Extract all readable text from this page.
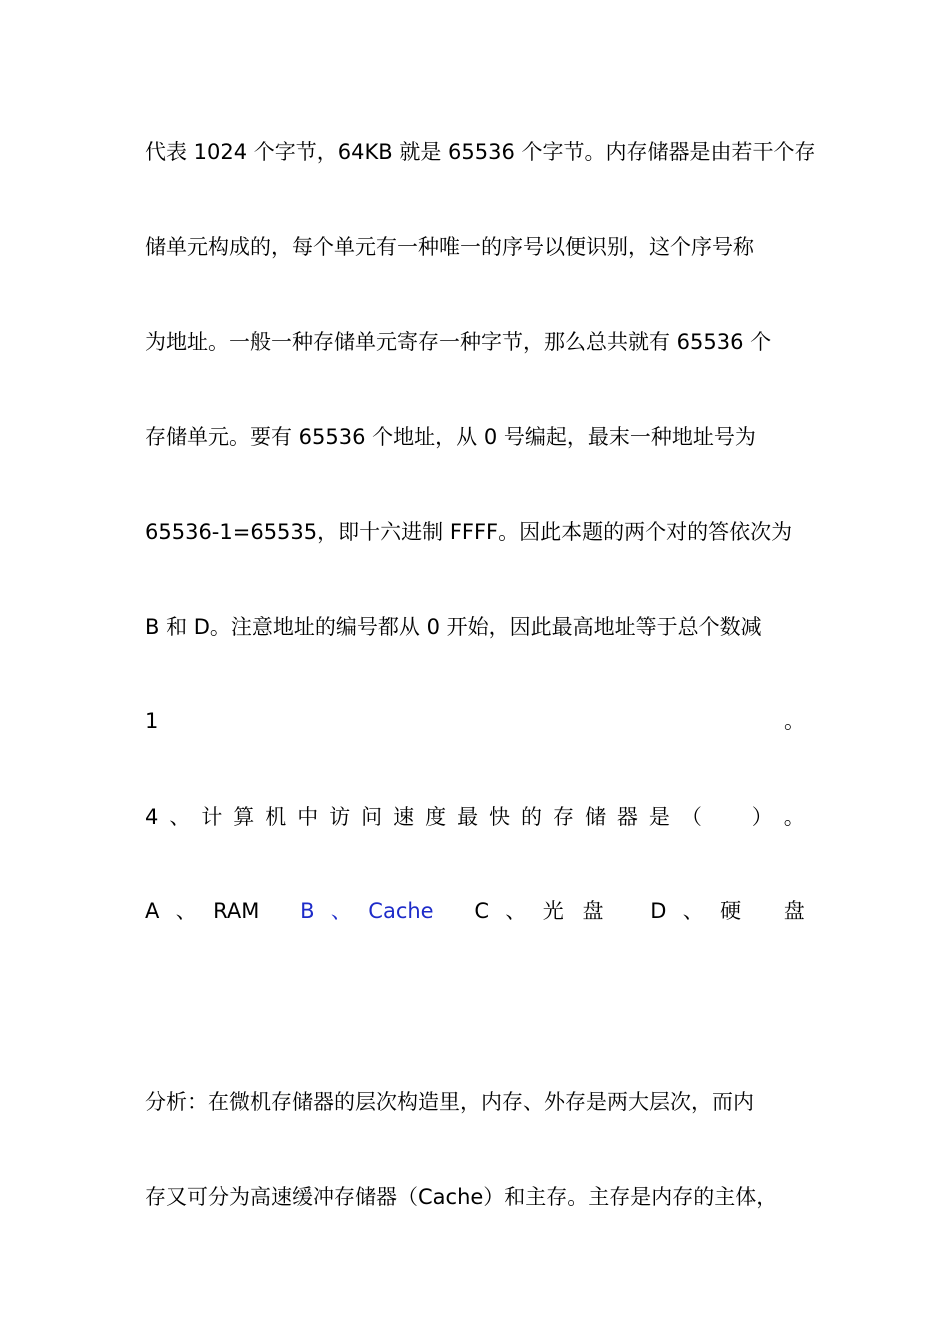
代表 1024 个字节，64KB 就是 65536 个字节。内存储器是由若干个存
储单元构成的，每个单元有一种唯一的序号以便识别，这个序号称
为地址。一般一种存储单元寄存一种字节，那么总共就有 65536 个
存储单元。要有 65536 个地址，从 0 号编起，最末一种地址号为
65536-1=65535，即十六进制 FFFF。因此本题的两个对的答依次为
B 和 D。注意地址的编号都从 0 开始，因此最高地址等于总个数减
1	。
4 、 计 算 机 中 访 问 速 度 最 快 的 存 储 器 是 （ ） 。
A 、 RAM B 、 Cache C 、 光 盘 D 、 硬 盘
分析：在微机存储器的层次构造里，内存、外存是两大层次，而内
存又可分为高速缓冲存储器（Cache）和主存。主存是内存的主体，
